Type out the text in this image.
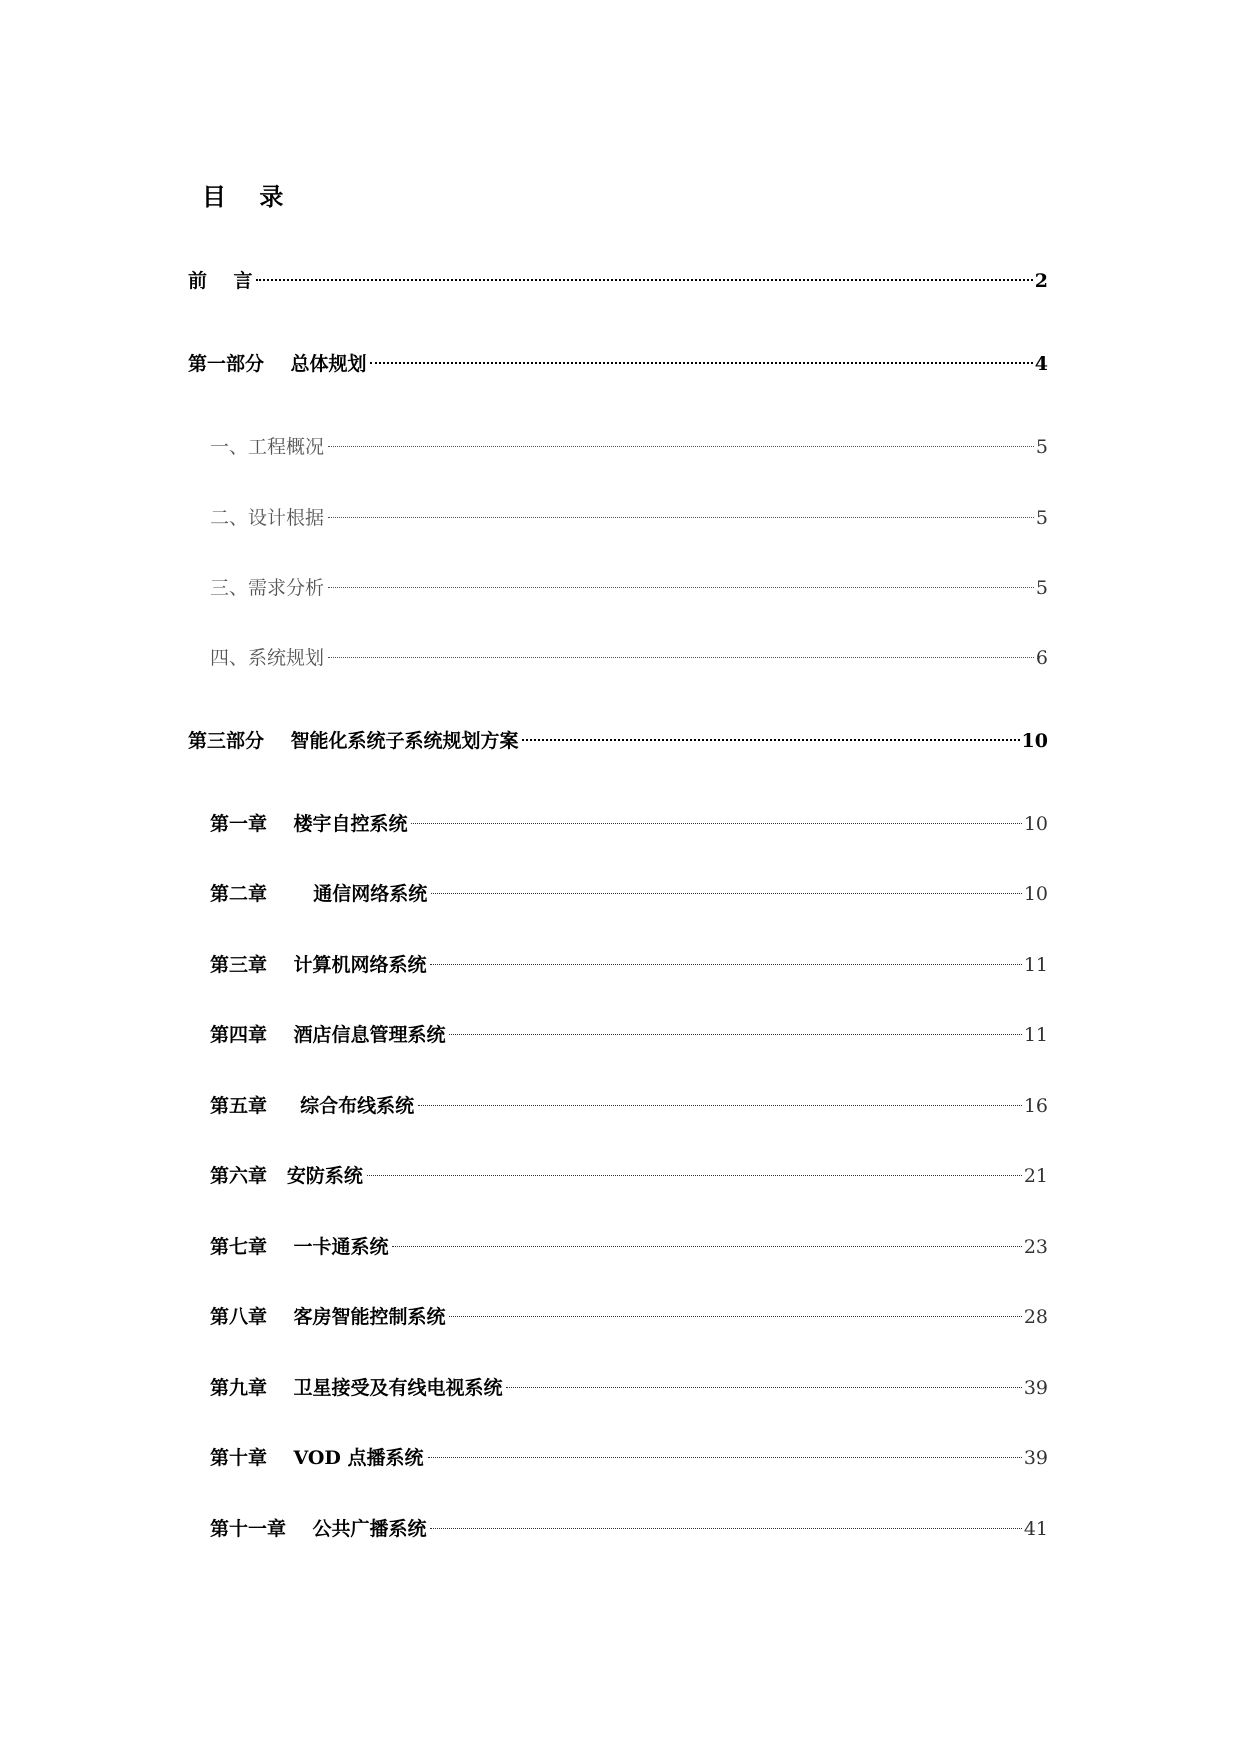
目    录
前    言	2
第一部分    总体规划	4
一、工程概况	5
二、设计根据	5
三、需求分析	5
四、系统规划	6
第三部分    智能化系统子系统规划方案	10
第一章    楼宇自控系统	10
第二章       通信网络系统	10
第三章    计算机网络系统	11
第四章    酒店信息管理系统	11
第五章     综合布线系统	16
第六章   安防系统	21
第七章    一卡通系统	23
第八章    客房智能控制系统	28
第九章    卫星接受及有线电视系统	39
第十章    VOD 点播系统	39
第十一章    公共广播系统	41
